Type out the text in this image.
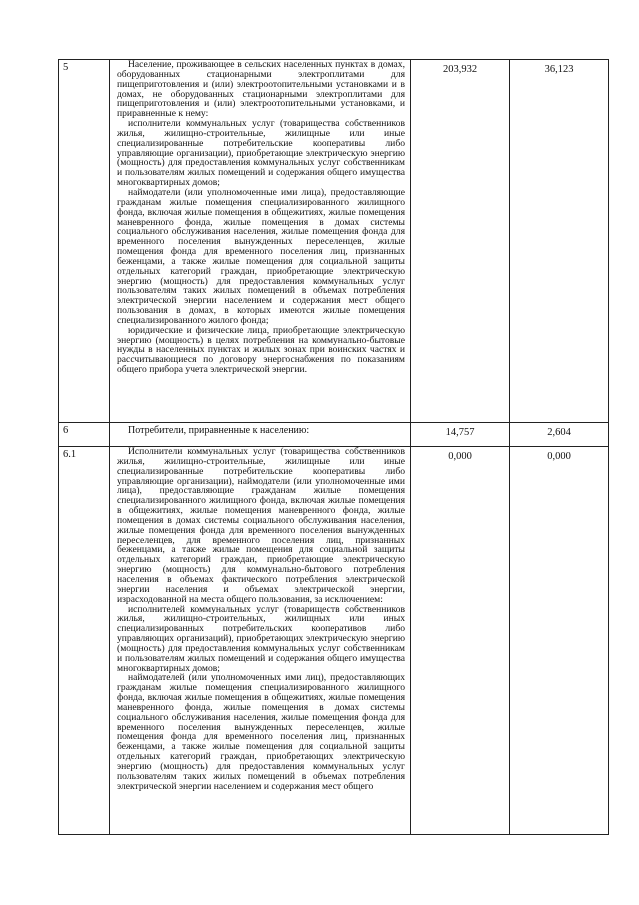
5	Население, проживающее в сельских населенных пунктах в домах, оборудованных стационарными электроплитами для пищеприготовления и (или) электроотопительными установками и в домах, не оборудованных стационарными электроплитами для пищеприготовления и (или) электроотопительными установками, и приравненные к нему:

исполнители коммунальных услуг (товарищества собственников жилья, жилищно-строительные, жилищные или иные специализированные потребительские кооперативы либо управляющие организации), приобретающие электрическую энергию (мощность) для предоставления коммунальных услуг собственникам и пользователям жилых помещений и содержания общего имущества многоквартирных домов;

наймодатели (или уполномоченные ими лица), предоставляющие гражданам жилые помещения специализированного жилищного фонда, включая жилые помещения в общежитиях, жилые помещения маневренного фонда, жилые помещения в домах системы социального обслуживания населения, жилые помещения фонда для временного поселения вынужденных переселенцев, жилые помещения фонда для временного поселения лиц, признанных беженцами, а также жилые помещения для социальной защиты отдельных категорий граждан, приобретающие электрическую энергию (мощность) для предоставления коммунальных услуг пользователям таких жилых помещений в объемах потребления электрической энергии населением и содержания мест общего пользования в домах, в которых имеются жилые помещения специализированного жилого фонда;

юридические и физические лица, приобретающие электрическую энергию (мощность) в целях потребления на коммунально-бытовые нужды в населенных пунктах и жилых зонах при воинских частях и рассчитывающиеся по договору энергоснабжения по показаниям общего прибора учета электрической энергии.	203,932	36,123
6	Потребители, приравненные к населению:	14,757	2,604
6.1	Исполнители коммунальных услуг (товарищества собственников жилья, жилищно-строительные, жилищные или иные специализированные потребительские кооперативы либо управляющие организации), наймодатели (или уполномоченные ими лица), предоставляющие гражданам жилые помещения специализированного жилищного фонда, включая жилые помещения в общежитиях, жилые помещения маневренного фонда, жилые помещения в домах системы социального обслуживания населения, жилые помещения фонда для временного поселения вынужденных переселенцев, для временного поселения лиц, признанных беженцами, а также жилые помещения для социальной защиты отдельных категорий граждан, приобретающие электрическую энергию (мощность) для коммунально-бытового потребления населения в объемах фактического потребления электрической энергии населения и объемах электрической энергии, израсходованной на места общего пользования, за исключением:

исполнителей коммунальных услуг (товариществ собственников жилья, жилищно-строительных, жилищных или иных специализированных потребительских кооперативов либо управляющих организаций), приобретающих электрическую энергию (мощность) для предоставления коммунальных услуг собственникам и пользователям жилых помещений и содержания общего имущества многоквартирных домов;

наймодателей (или уполномоченных ими лиц), предоставляющих гражданам жилые помещения специализированного жилищного фонда, включая жилые помещения в общежитиях, жилые помещения маневренного фонда, жилые помещения в домах системы социального обслуживания населения, жилые помещения фонда для временного поселения вынужденных переселенцев, жилые помещения фонда для временного поселения лиц, признанных беженцами, а также жилые помещения для социальной защиты отдельных категорий граждан, приобретающих электрическую энергию (мощность) для предоставления коммунальных услуг пользователям таких жилых помещений в объемах потребления электрической энергии населением и содержания мест общего	0,000	0,000
